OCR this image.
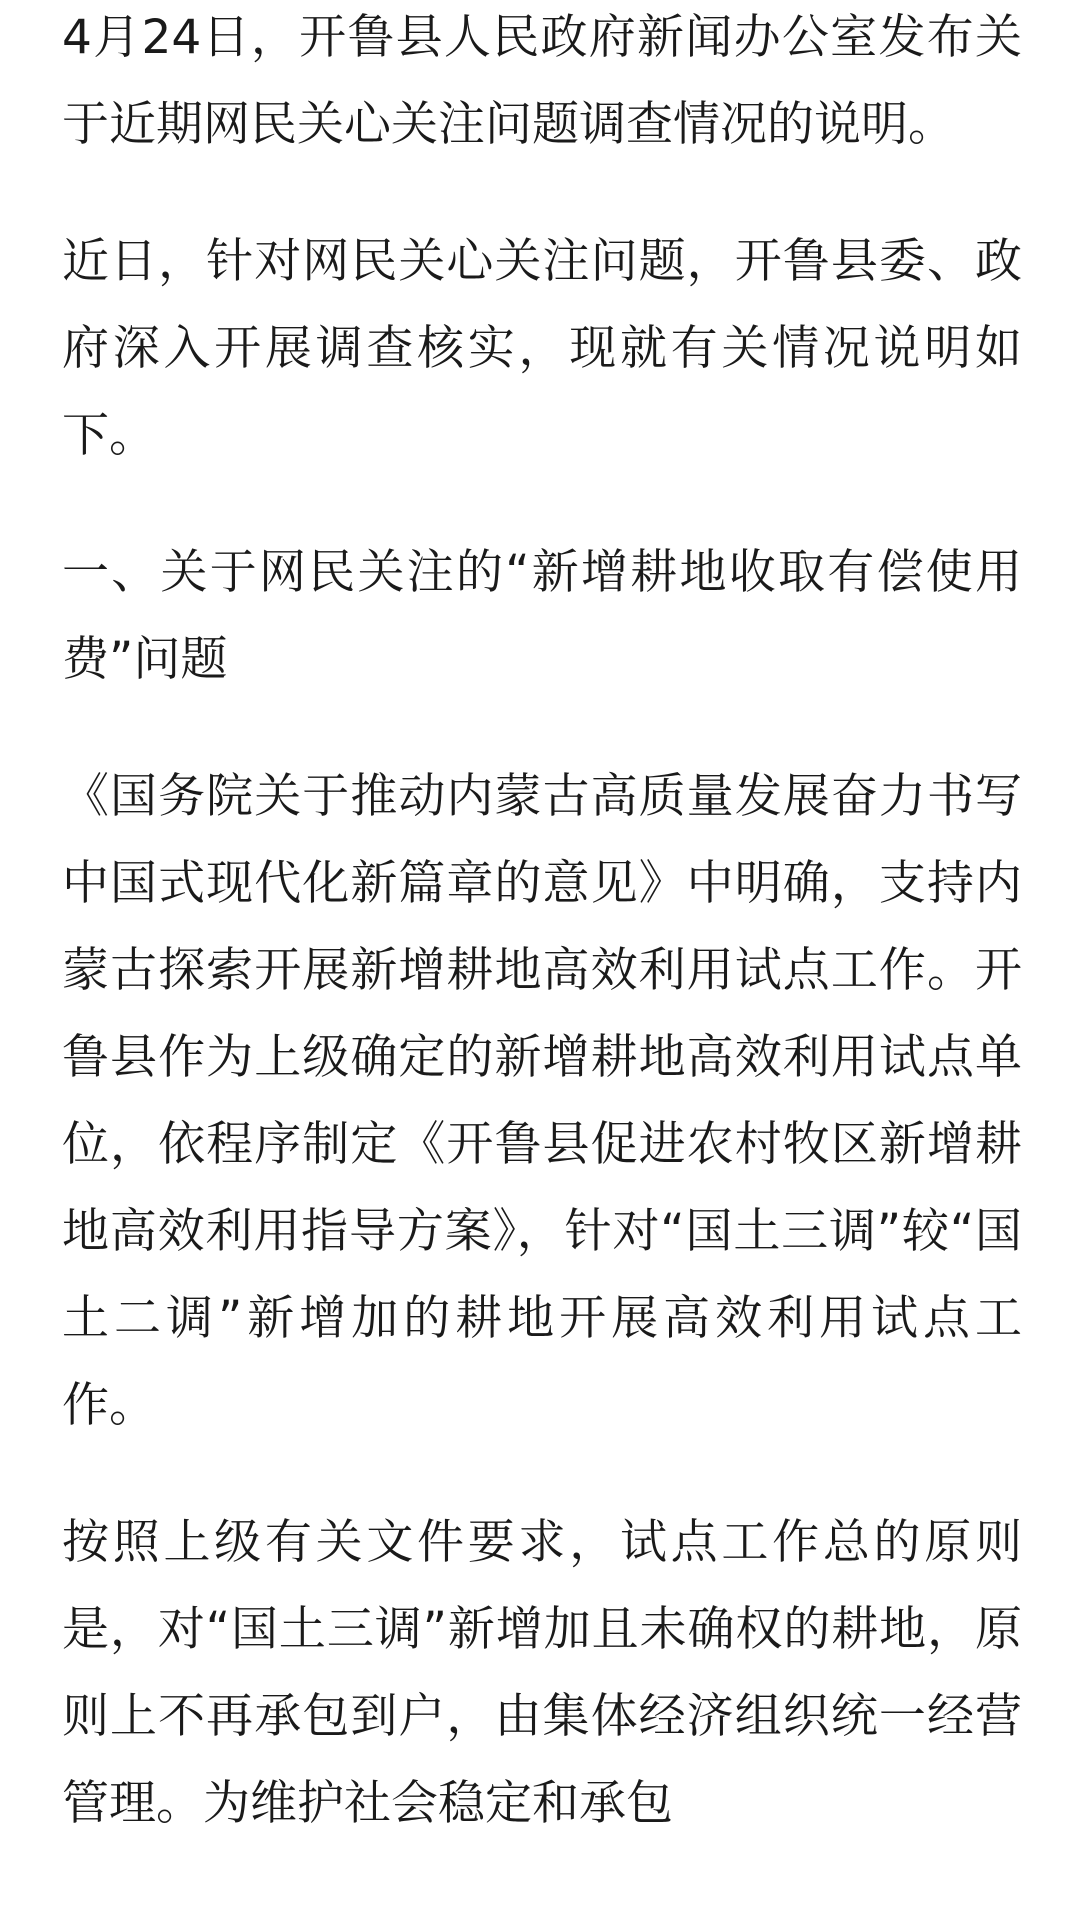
4月24日，开鲁县人民政府新闻办公室发布关于近期网民关心关注问题调查情况的说明。

近日，针对网民关心关注问题，开鲁县委、政府深入开展调查核实，现就有关情况说明如下。

一、关于网民关注的“新增耕地收取有偿使用费”问题

《国务院关于推动内蒙古高质量发展奋力书写中国式现代化新篇章的意见》中明确，支持内蒙古探索开展新增耕地高效利用试点工作。开鲁县作为上级确定的新增耕地高效利用试点单位，依程序制定《开鲁县促进农村牧区新增耕地高效利用指导方案》，针对“国土三调”较“国土二调”新增加的耕地开展高效利用试点工作。

按照上级有关文件要求，试点工作总的原则是，对“国土三调”新增加且未确权的耕地，原则上不再承包到户，由集体经济组织统一经营管理。为维护社会稳定和承包
